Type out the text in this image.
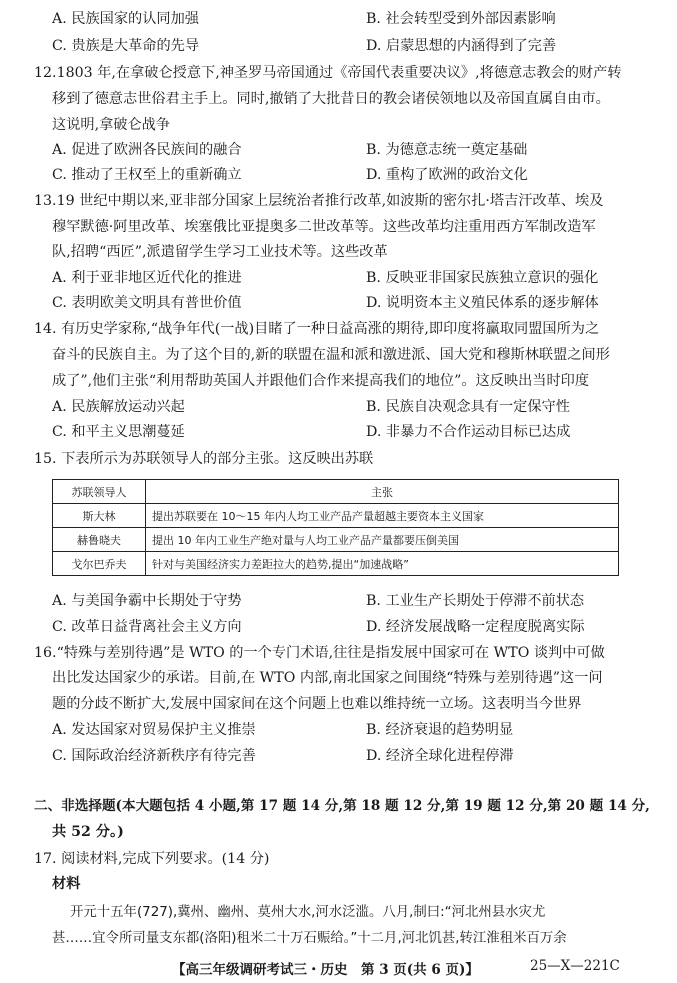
A. 民族国家的认同加强	B. 社会转型受到外部因素影响
C. 贵族是大革命的先导	D. 启蒙思想的内涵得到了完善
12.1803 年,在拿破仑授意下,神圣罗马帝国通过《帝国代表重要决议》,将德意志教会的财产转
移到了德意志世俗君主手上。同时,撤销了大批昔日的教会诸侯领地以及帝国直属自由市。
这说明,拿破仑战争
A. 促进了欧洲各民族间的融合	B. 为德意志统一奠定基础
C. 推动了王权至上的重新确立	D. 重构了欧洲的政治文化
13.19 世纪中期以来,亚非部分国家上层统治者推行改革,如波斯的密尔扎·塔吉汗改革、埃及
穆罕默德·阿里改革、埃塞俄比亚提奥多二世改革等。这些改革均注重用西方军制改造军
队,招聘“西匠”,派遣留学生学习工业技术等。这些改革
A. 利于亚非地区近代化的推进	B. 反映亚非国家民族独立意识的强化
C. 表明欧美文明具有普世价值	D. 说明资本主义殖民体系的逐步解体
14. 有历史学家称,“战争年代(一战)目睹了一种日益高涨的期待,即印度将赢取同盟国所为之
奋斗的民族自主。为了这个目的,新的联盟在温和派和激进派、国大党和穆斯林联盟之间形
成了”,他们主张“利用帮助英国人并跟他们合作来提高我们的地位”。这反映出当时印度
A. 民族解放运动兴起	B. 民族自决观念具有一定保守性
C. 和平主义思潮蔓延	D. 非暴力不合作运动目标已达成
15. 下表所示为苏联领导人的部分主张。这反映出苏联
苏联领导人	主张
斯大林	提出苏联要在 10～15 年内人均工业产品产量超越主要资本主义国家
赫鲁晓夫	提出 10 年内工业生产绝对量与人均工业产品产量都要压倒美国
戈尔巴乔夫	针对与美国经济实力差距拉大的趋势,提出“加速战略”
A. 与美国争霸中长期处于守势	B. 工业生产长期处于停滞不前状态
C. 改革日益背离社会主义方向	D. 经济发展战略一定程度脱离实际
16.“特殊与差别待遇”是 WTO 的一个专门术语,往往是指发展中国家可在 WTO 谈判中可做
出比发达国家少的承诺。目前,在 WTO 内部,南北国家之间围绕“特殊与差别待遇”这一问
题的分歧不断扩大,发展中国家间在这个问题上也难以维持统一立场。这表明当今世界
A. 发达国家对贸易保护主义推崇	B. 经济衰退的趋势明显
C. 国际政治经济新秩序有待完善	D. 经济全球化进程停滞
二、非选择题(本大题包括 4 小题,第 17 题 14 分,第 18 题 12 分,第 19 题 12 分,第 20 题 14 分,
共 52 分。)
17. 阅读材料,完成下列要求。(14 分)
材料
开元十五年(727),冀州、幽州、莫州大水,河水泛滥。八月,制曰:“河北州县水灾尤
甚……宜令所司量支东都(洛阳)租米二十万石赈给。”十二月,河北饥甚,转江淮租米百万余
【高三年级调研考试三・历史　第 3 页(共 6 页)】	25—X—221C
